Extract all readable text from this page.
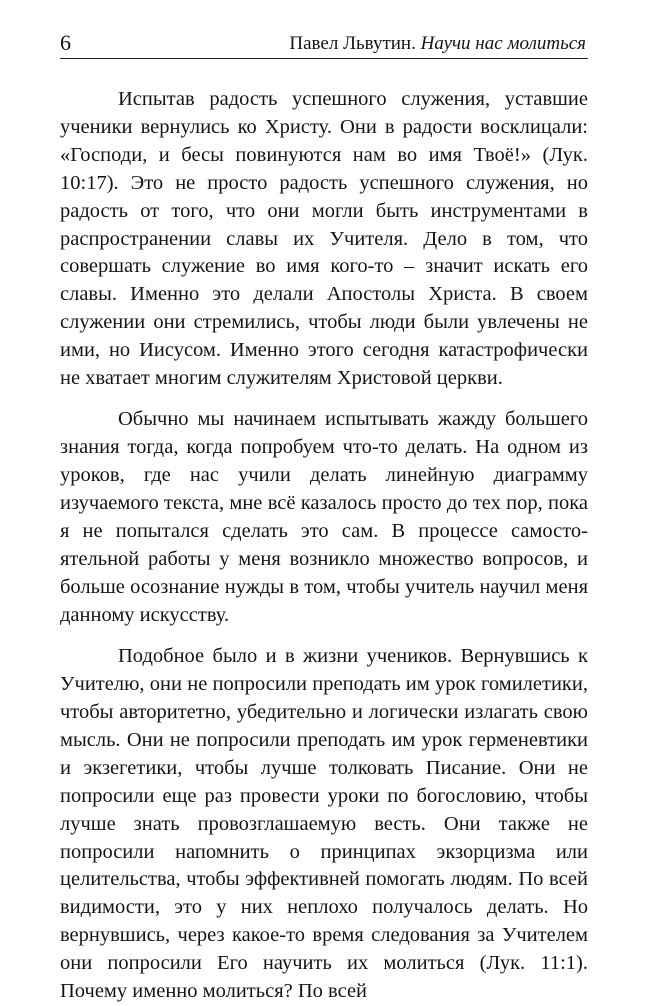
6	Павел Львутин. Научи нас молиться

Испытав радость успешного служения, уставшие ученики вернулись ко Христу. Они в радости восклицали: «Господи, и бесы повинуются нам во имя Твоё!» (Лук. 10:17). Это не просто радость успешного служения, но радость от того, что они могли быть инструментами в распространении славы их Учителя. Дело в том, что совершать служение во имя кого-то – значит искать его славы. Именно это делали Апостолы Христа. В своем служении они стремились, чтобы люди были увлечены не ими, но Иисусом. Именно этого сегодня катастрофически не хватает многим служителям Христовой церкви.

Обычно мы начинаем испытывать жажду большего знания тогда, когда попробуем что-то делать. На одном из уроков, где нас учили делать линейную диаграмму изучаемого текста, мне всё казалось просто до тех пор, пока я не попытался сделать это сам. В процессе самостоятельной работы у меня возникло множество вопросов, и больше осознание нужды в том, чтобы учитель научил меня данному искусству.

Подобное было и в жизни учеников. Вернувшись к Учителю, они не попросили преподать им урок гомилетики, чтобы авторитетно, убедительно и логически излагать свою мысль. Они не попросили преподать им урок герменевтики и экзегетики, чтобы лучше толковать Писание. Они не попросили еще раз провести уроки по богословию, чтобы лучше знать провозглашаемую весть. Они также не попросили напомнить о принципах экзорцизма или целительства, чтобы эффективней помогать людям. По всей видимости, это у них неплохо получалось делать. Но вернувшись, через какое-то время следования за Учителем они попросили Его научить их молиться (Лук. 11:1). Почему именно молиться? По всей
